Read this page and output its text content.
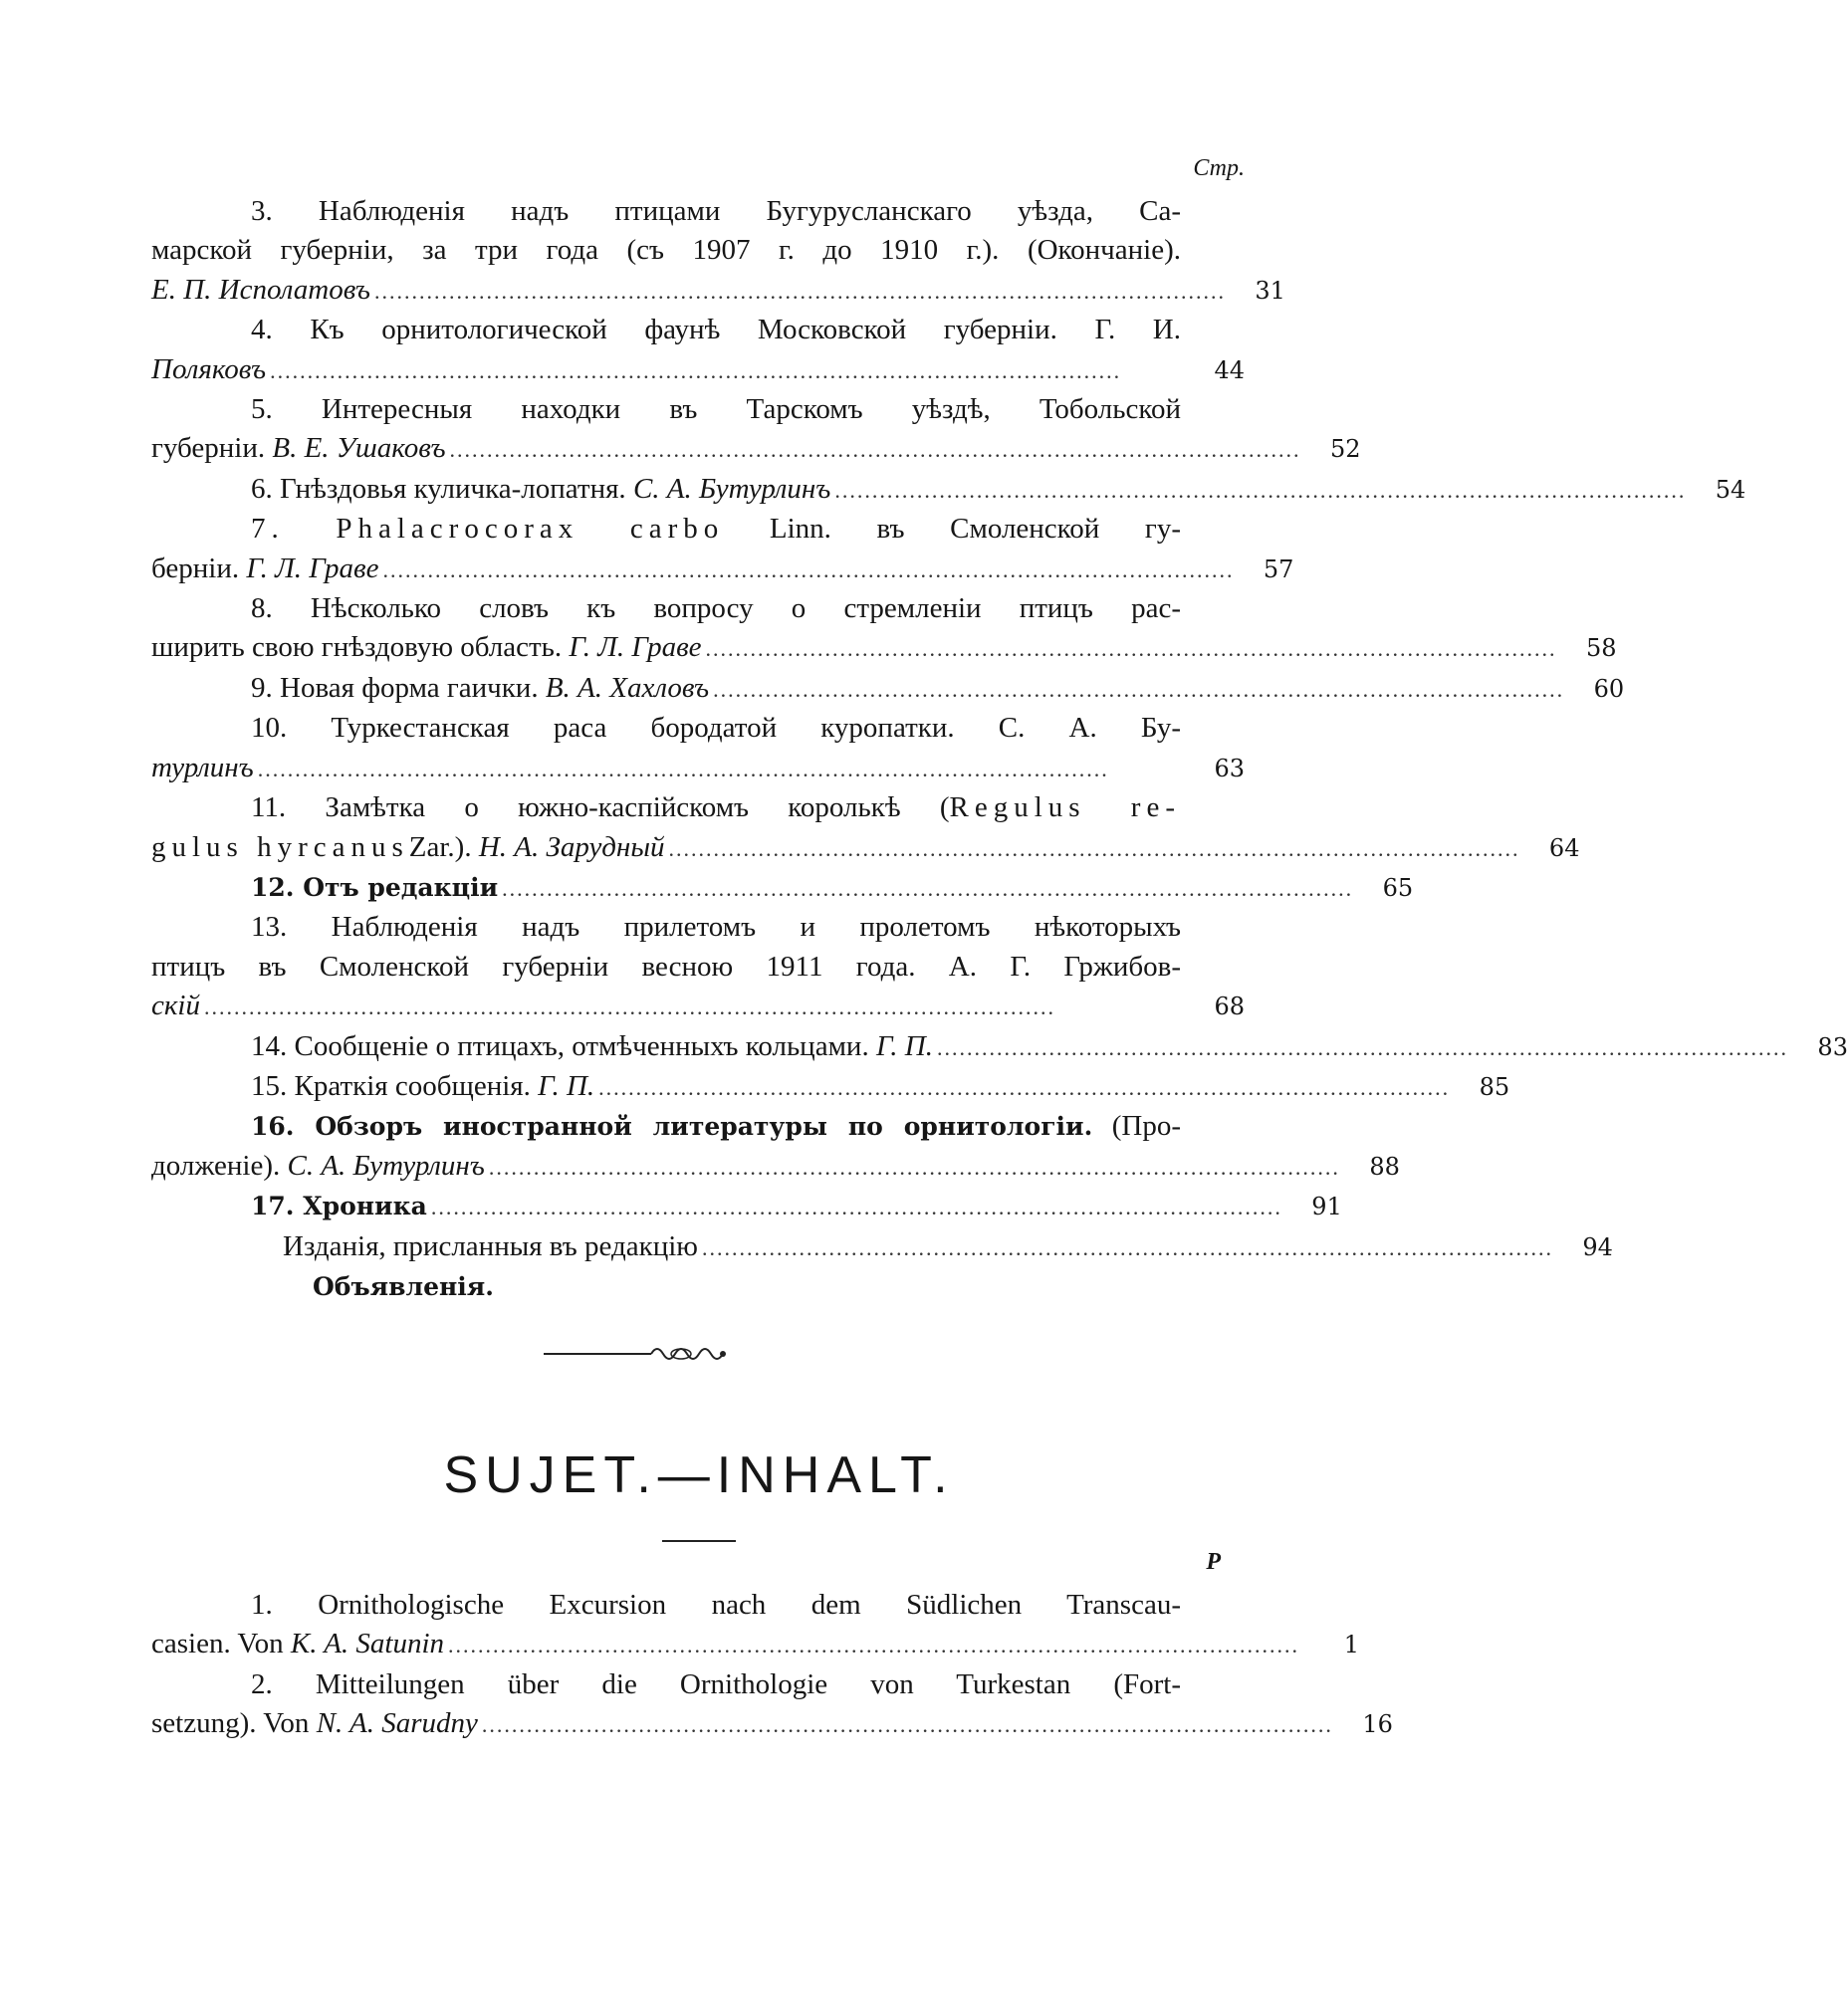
Стр.
3. Наблюденія надъ птицами Бугурусланскаго уѣзда, Са-
марской губерніи, за три года (съ 1907 г. до 1910 г.). (Окончаніе).
Е. П. Исполатовъ ..................................................................................................................	31
4. Къ орнитологической фаунѣ Московской губерніи. Г. И.
Поляковъ ..................................................................................................................	44
5. Интересныя находки въ Тарскомъ уѣздѣ, Тобольской
губерніи.
В. Е. Ушаковъ ..................................................................................................................	52
6. Гнѣздовья куличка-лопатня.
С. А. Бутурлинъ ..................................................................................................................	54
7. Phalacrocorax carbo Linn. въ Смоленской гу-
берніи.
Г. Л. Граве ..................................................................................................................	57
8. Нѣсколько словъ къ вопросу о стремленіи птицъ рас-
ширить свою гнѣздовую область.
Г. Л. Граве ..................................................................................................................	58
9. Новая форма гаички.
В. А. Хахловъ ..................................................................................................................	60
10. Туркестанская раса бородатой куропатки. С. А. Бу-
турлинъ ..................................................................................................................	63
11. Замѣтка о южно-каспійскомъ королькѣ (Regulus re-
gulus hyrcanus Zar.).
Н. А. Зарудный ..................................................................................................................	64
12. Отъ редакціи ..................................................................................................................	65
13. Наблюденія надъ прилетомъ и пролетомъ нѣкоторыхъ
птицъ въ Смоленской губерніи весною 1911 года. А. Г. Гржибов-
скій ..................................................................................................................	68
14. Сообщеніе о птицахъ, отмѣченныхъ кольцами.
Г. П. ..................................................................................................................	83
15. Краткія сообщенія.
Г. П. ..................................................................................................................	85
16. Обзоръ иностранной литературы по орнитологіи. (Про-
долженіе).
С. А. Бутурлинъ ..................................................................................................................	88
17. Хроника ..................................................................................................................	91
Изданія, присланныя въ редакцію ..................................................................................................................	94
Объявленія.
SUJET.—INHALT.
P
1. Ornithologische Excursion nach dem Südlichen Transcau-
casien. Von
K. A. Satunin ..................................................................................................................	1
2. Mitteilungen über die Ornithologie von Turkestan (Fort-
setzung). Von
N. A. Sarudny ..................................................................................................................	16
